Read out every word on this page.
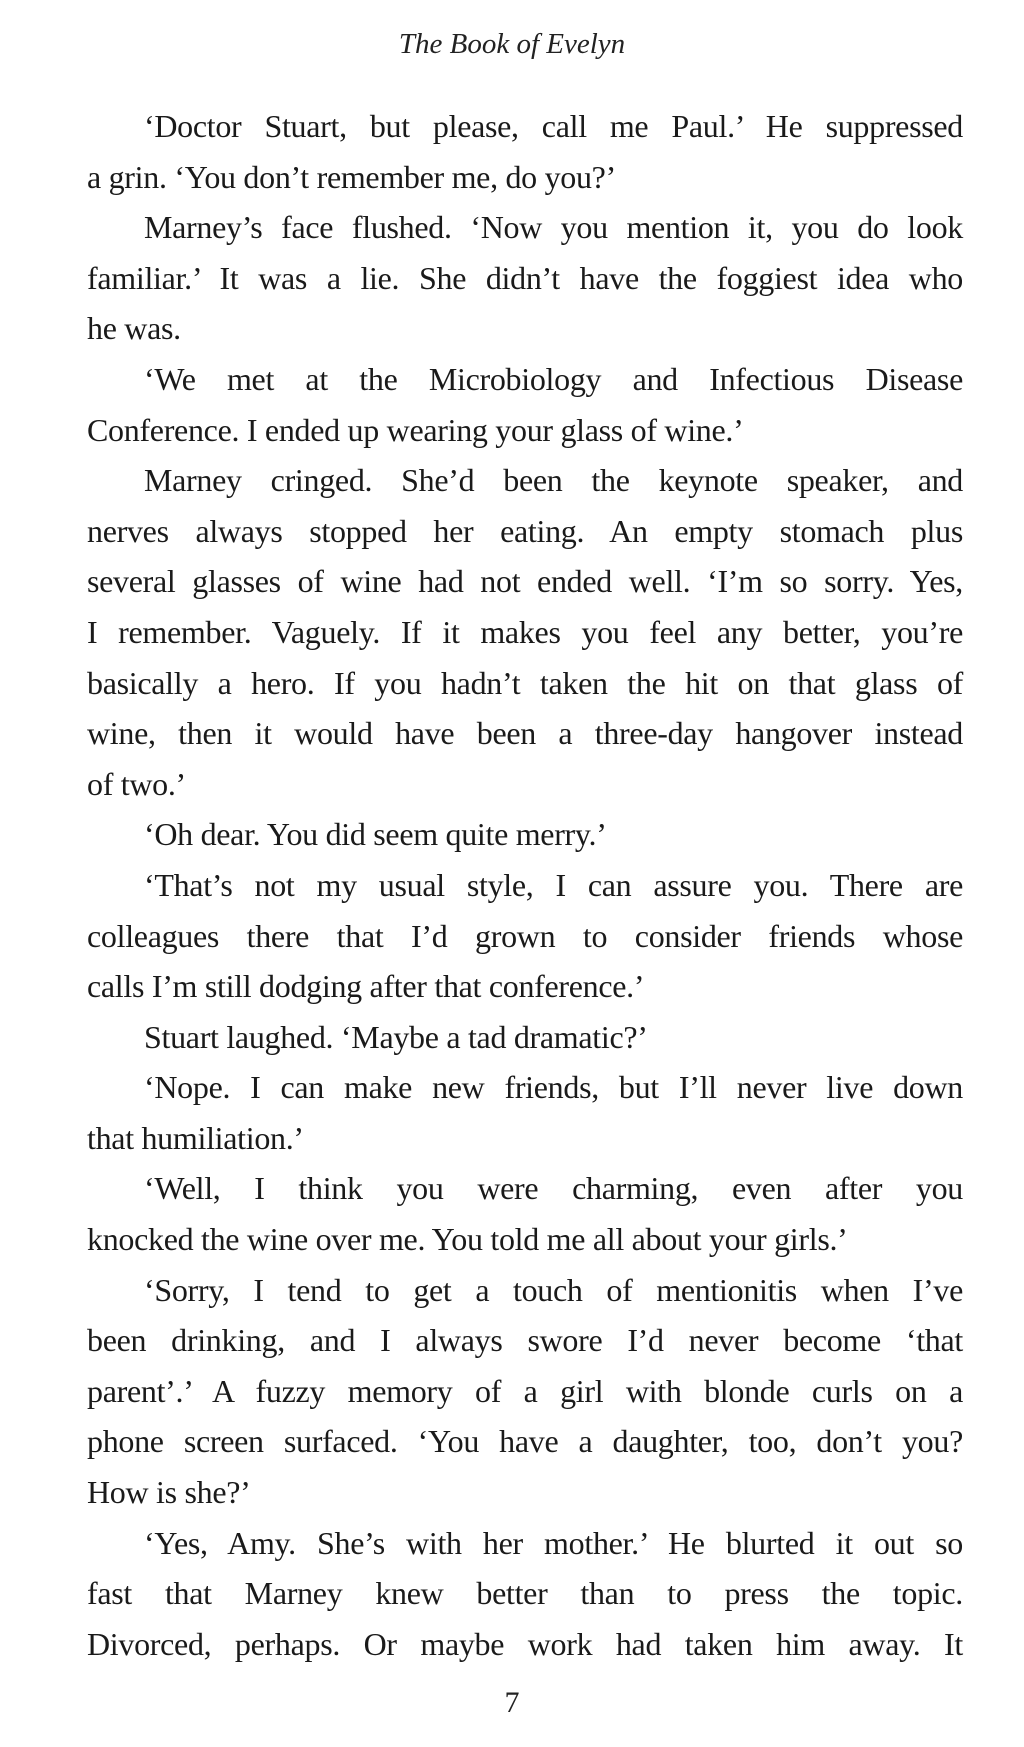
The Book of Evelyn
‘Doctor Stuart, but please, call me Paul.’ He suppressed
a grin. ‘You don’t remember me, do you?’
Marney’s face flushed. ‘Now you mention it, you do look
familiar.’ It was a lie. She didn’t have the foggiest idea who
he was.
‘We met at the Microbiology and Infectious Disease
Conference. I ended up wearing your glass of wine.’
Marney cringed. She’d been the keynote speaker, and
nerves always stopped her eating. An empty stomach plus
several glasses of wine had not ended well. ‘I’m so sorry. Yes,
I remember. Vaguely. If it makes you feel any better, you’re
basically a hero. If you hadn’t taken the hit on that glass of
wine, then it would have been a three-day hangover instead
of two.’
‘Oh dear. You did seem quite merry.’
‘That’s not my usual style, I can assure you. There are
colleagues there that I’d grown to consider friends whose
calls I’m still dodging after that conference.’
Stuart laughed. ‘Maybe a tad dramatic?’
‘Nope. I can make new friends, but I’ll never live down
that humiliation.’
‘Well, I think you were charming, even after you
knocked the wine over me. You told me all about your girls.’
‘Sorry, I tend to get a touch of mentionitis when I’ve
been drinking, and I always swore I’d never become ‘that
parent’.’ A fuzzy memory of a girl with blonde curls on a
phone screen surfaced. ‘You have a daughter, too, don’t you?
How is she?’
‘Yes, Amy. She’s with her mother.’ He blurted it out so
fast that Marney knew better than to press the topic.
Divorced, perhaps. Or maybe work had taken him away. It
7
